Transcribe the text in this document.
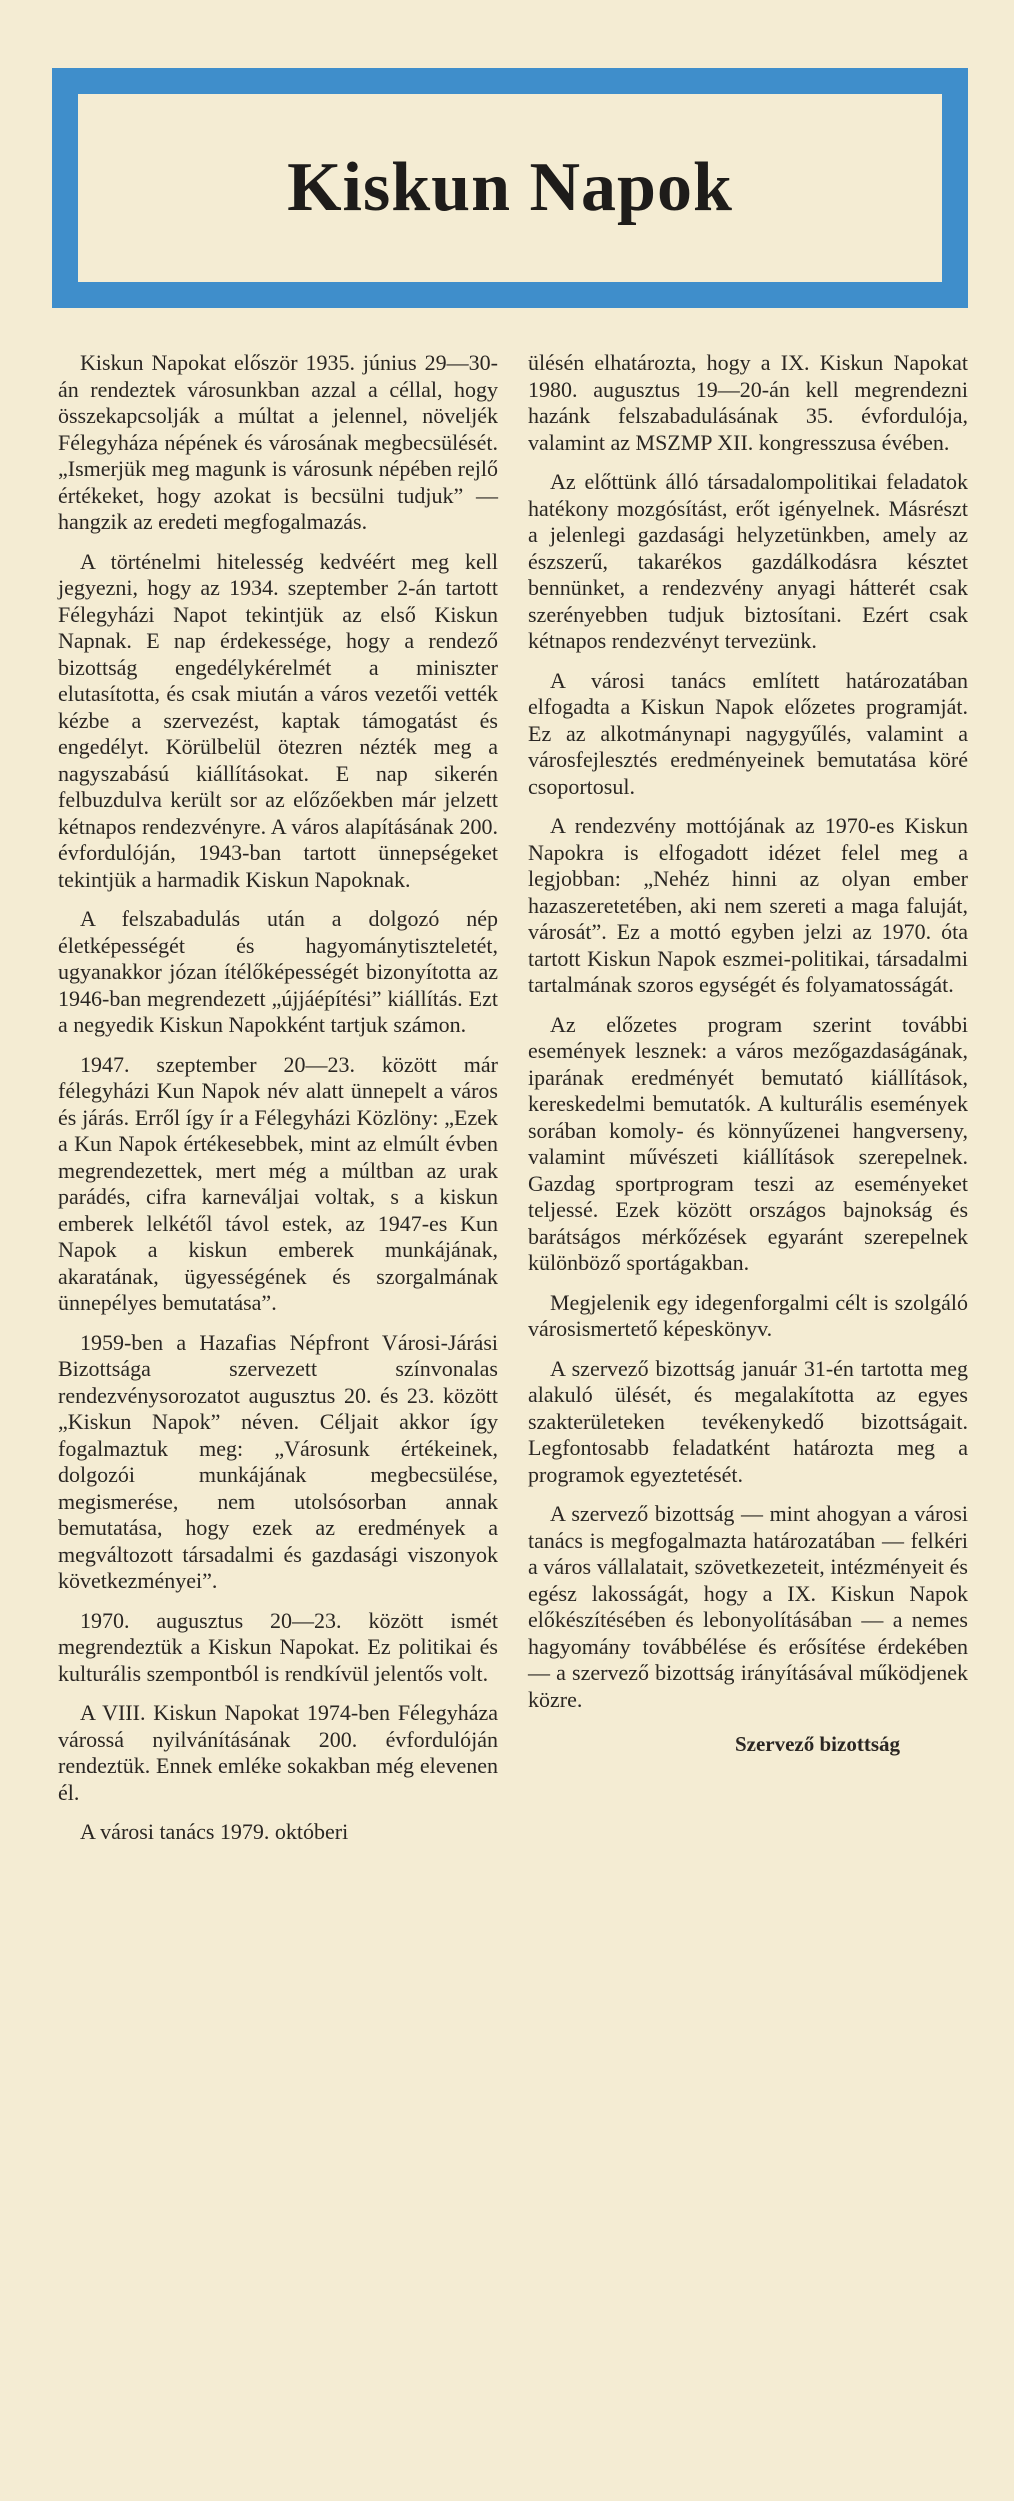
Kiskun Napok

Kiskun Napokat először 1935. június 29—30-án rendeztek városunkban azzal a céllal, hogy összekapcsolják a múltat a jelennel, növeljék Félegyháza népének és városának megbecsülését. „Ismerjük meg magunk is városunk népében rejlő értékeket, hogy azokat is becsülni tudjuk” — hangzik az eredeti megfogalmazás.

A történelmi hitelesség kedvéért meg kell jegyezni, hogy az 1934. szeptember 2-án tartott Félegyházi Napot tekintjük az első Kiskun Napnak. E nap érdekessége, hogy a rendező bizottság engedélykérelmét a miniszter elutasította, és csak miután a város vezetői vették kézbe a szervezést, kaptak támogatást és engedélyt. Körülbelül ötezren nézték meg a nagyszabású kiállításokat. E nap sikerén felbuzdulva került sor az előzőekben már jelzett kétnapos rendezvényre. A város alapításának 200. évfordulóján, 1943-ban tartott ünnepségeket tekintjük a harmadik Kiskun Napoknak.

A felszabadulás után a dolgozó nép életképességét és hagyománytiszteletét, ugyanakkor józan ítélőképességét bizonyította az 1946-ban megrendezett „újjáépítési” kiállítás. Ezt a negyedik Kiskun Napokként tartjuk számon.

1947. szeptember 20—23. között már félegyházi Kun Napok név alatt ünnepelt a város és járás. Erről így ír a Félegyházi Közlöny: „Ezek a Kun Napok értékesebbek, mint az elmúlt évben megrendezettek, mert még a múltban az urak parádés, cifra karneváljai voltak, s a kiskun emberek lelkétől távol estek, az 1947-es Kun Napok a kiskun emberek munkájának, akaratának, ügyességének és szorgalmának ünnepélyes bemutatása”.

1959-ben a Hazafias Népfront Városi-Járási Bizottsága szervezett színvonalas rendezvénysorozatot augusztus 20. és 23. között „Kiskun Napok” néven. Céljait akkor így fogalmaztuk meg: „Városunk értékeinek, dolgozói munkájának megbecsülése, megismerése, nem utolsósorban annak bemutatása, hogy ezek az eredmények a megváltozott társadalmi és gazdasági viszonyok következményei”.

1970. augusztus 20—23. között ismét megrendeztük a Kiskun Napokat. Ez politikai és kulturális szempontból is rendkívül jelentős volt.

A VIII. Kiskun Napokat 1974-ben Félegyháza várossá nyilvánításának 200. évfordulóján rendeztük. Ennek emléke sokakban még elevenen él.

A városi tanács 1979. októberi

ülésén elhatározta, hogy a IX. Kiskun Napokat 1980. augusztus 19—20-án kell megrendezni hazánk felszabadulásának 35. évfordulója, valamint az MSZMP XII. kongresszusa évében.

Az előttünk álló társadalompolitikai feladatok hatékony mozgósítást, erőt igényelnek. Másrészt a jelenlegi gazdasági helyzetünkben, amely az észszerű, takarékos gazdálkodásra késztet bennünket, a rendezvény anyagi hátterét csak szerényebben tudjuk biztosítani. Ezért csak kétnapos rendezvényt tervezünk.

A városi tanács említett határozatában elfogadta a Kiskun Napok előzetes programját. Ez az alkotmánynapi nagygyűlés, valamint a városfejlesztés eredményeinek bemutatása köré csoportosul.

A rendezvény mottójának az 1970-es Kiskun Napokra is elfogadott idézet felel meg a legjobban: „Nehéz hinni az olyan ember hazaszeretetében, aki nem szereti a maga faluját, városát”. Ez a mottó egyben jelzi az 1970. óta tartott Kiskun Napok eszmei-politikai, társadalmi tartalmának szoros egységét és folyamatosságát.

Az előzetes program szerint további események lesznek: a város mezőgazdaságának, iparának eredményét bemutató kiállítások, kereskedelmi bemutatók. A kulturális események sorában komoly- és könnyűzenei hangverseny, valamint művészeti kiállítások szerepelnek. Gazdag sportprogram teszi az eseményeket teljessé. Ezek között országos bajnokság és barátságos mérkőzések egyaránt szerepelnek különböző sportágakban.

Megjelenik egy idegenforgalmi célt is szolgáló városismertető képeskönyv.

A szervező bizottság január 31-én tartotta meg alakuló ülését, és megalakította az egyes szakterületeken tevékenykedő bizottságait. Legfontosabb feladatként határozta meg a programok egyeztetését.

A szervező bizottság — mint ahogyan a városi tanács is megfogalmazta határozatában — felkéri a város vállalatait, szövetkezeteit, intézményeit és egész lakosságát, hogy a IX. Kiskun Napok előkészítésében és lebonyolításában — a nemes hagyomány továbbélése és erősítése érdekében — a szervező bizottság irányításával működjenek közre.

Szervező bizottság
